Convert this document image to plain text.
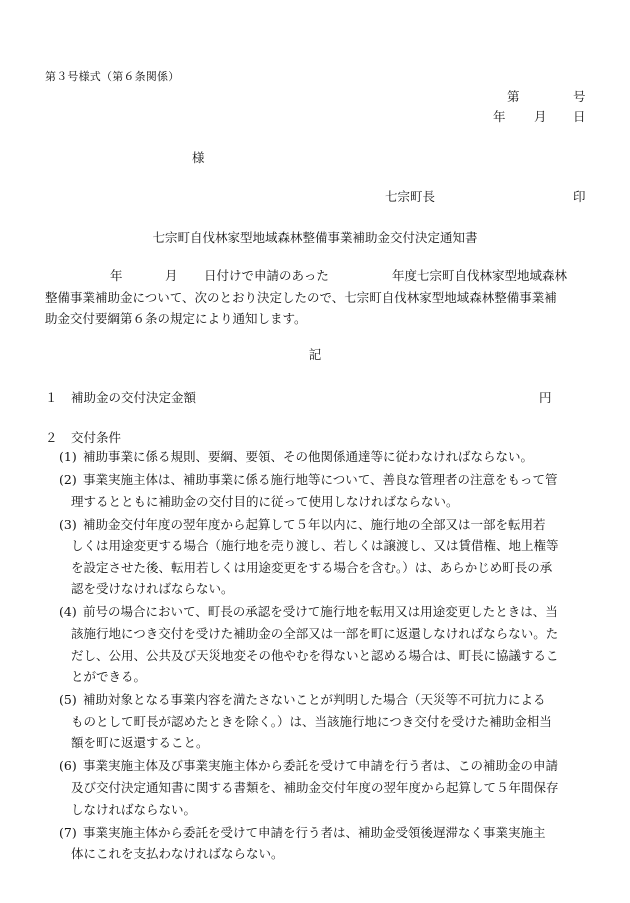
第３号様式（第６条関係）
第	号
年 月 日
様
七宗町長	印
七宗町自伐林家型地域森林整備事業補助金交付決定通知書
年	月 日付けで申請のあった	年度七宗町自伐林家型地域森林
整備事業補助金について、次のとおり決定したので、七宗町自伐林家型地域森林整備事業補
助金交付要綱第６条の規定により通知します。
記
１ 補助金の交付決定金額	円
２ 交付条件
(1) 補助事業に係る規則、要綱、要領、その他関係通達等に従わなければならない。
(2) 事業実施主体は、補助事業に係る施行地等について、善良な管理者の注意をもって管
理するとともに補助金の交付目的に従って使用しなければならない。
(3) 補助金交付年度の翌年度から起算して５年以内に、施行地の全部又は一部を転用若
しくは用途変更する場合（施行地を売り渡し、若しくは譲渡し、又は賃借権、地上権等
を設定させた後、転用若しくは用途変更をする場合を含む。）は、あらかじめ町長の承
認を受けなければならない。
(4) 前号の場合において、町長の承認を受けて施行地を転用又は用途変更したときは、当
該施行地につき交付を受けた補助金の全部又は一部を町に返還しなければならない。た
だし、公用、公共及び天災地変その他やむを得ないと認める場合は、町長に協議するこ
とができる。
(5) 補助対象となる事業内容を満たさないことが判明した場合（天災等不可抗力による
ものとして町長が認めたときを除く。）は、当該施行地につき交付を受けた補助金相当
額を町に返還すること。
(6) 事業実施主体及び事業実施主体から委託を受けて申請を行う者は、この補助金の申請
及び交付決定通知書に関する書類を、補助金交付年度の翌年度から起算して５年間保存
しなければならない。
(7) 事業実施主体から委託を受けて申請を行う者は、補助金受領後遅滞なく事業実施主
体にこれを支払わなければならない。
